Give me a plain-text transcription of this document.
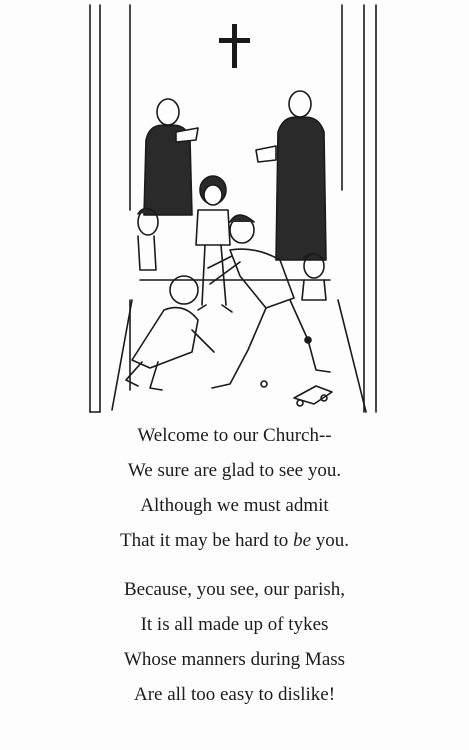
Welcome to our Church--
We sure are glad to see you.
Although we must admit
That it may be hard to be you.

Because, you see, our parish,
It is all made up of tykes
Whose manners during Mass
Are all too easy to dislike!
